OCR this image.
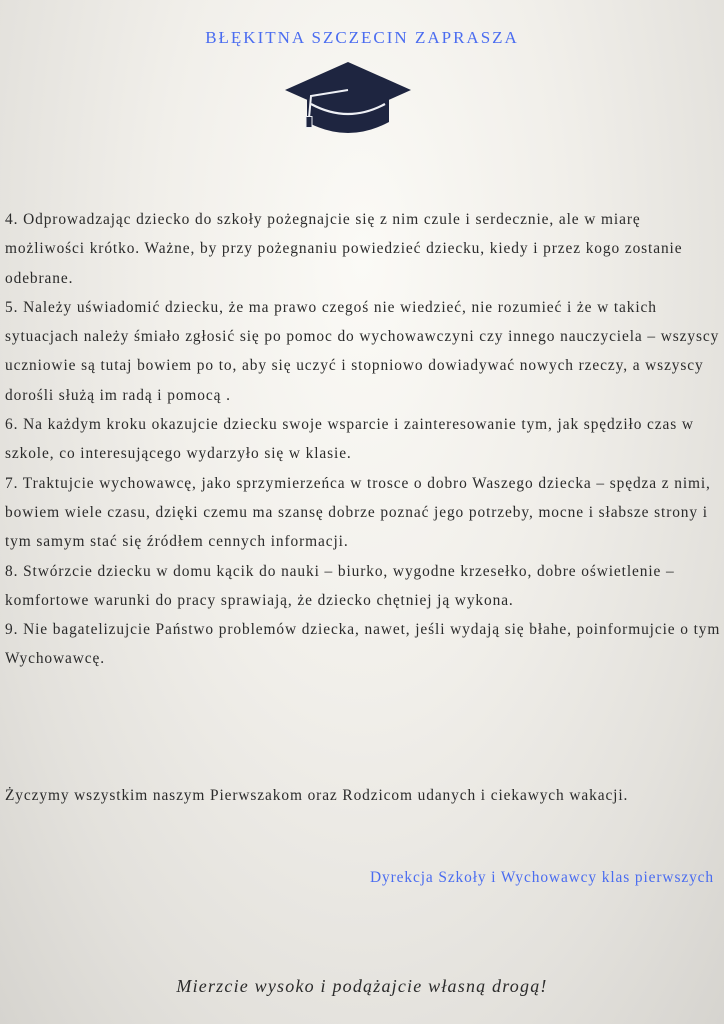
BŁĘKITNA SZCZECIN ZAPRASZA

4. Odprowadzając dziecko do szkoły pożegnajcie się z nim czule i serdecznie, ale w miarę możliwości krótko. Ważne, by przy pożegnaniu powiedzieć dziecku, kiedy i przez kogo zostanie odebrane.

5. Należy uświadomić dziecku, że ma prawo czegoś nie wiedzieć, nie rozumieć i że w takich sytuacjach należy śmiało zgłosić się po pomoc do wychowawczyni czy innego nauczyciela – wszyscy uczniowie są tutaj bowiem po to, aby się uczyć i stopniowo dowiadywać nowych rzeczy, a wszyscy dorośli służą im radą i pomocą .

6. Na każdym kroku okazujcie dziecku swoje wsparcie i zainteresowanie tym, jak spędziło czas w szkole, co interesującego wydarzyło się w klasie.

7. Traktujcie wychowawcę, jako sprzymierzeńca w trosce o dobro Waszego dziecka – spędza z nimi, bowiem wiele czasu, dzięki czemu ma szansę dobrze poznać jego potrzeby, mocne i słabsze strony i tym samym stać się źródłem cennych informacji.

8. Stwórzcie dziecku w domu kącik do nauki – biurko, wygodne krzesełko, dobre oświetlenie – komfortowe warunki do pracy sprawiają, że dziecko chętniej ją wykona.

9. Nie bagatelizujcie Państwo problemów dziecka, nawet, jeśli wydają się błahe, poinformujcie o tym Wychowawcę.

Życzymy wszystkim naszym Pierwszakom oraz Rodzicom udanych i ciekawych wakacji.
Dyrekcja Szkoły i Wychowawcy klas pierwszych
Mierzcie wysoko i podążajcie własną drogą!
